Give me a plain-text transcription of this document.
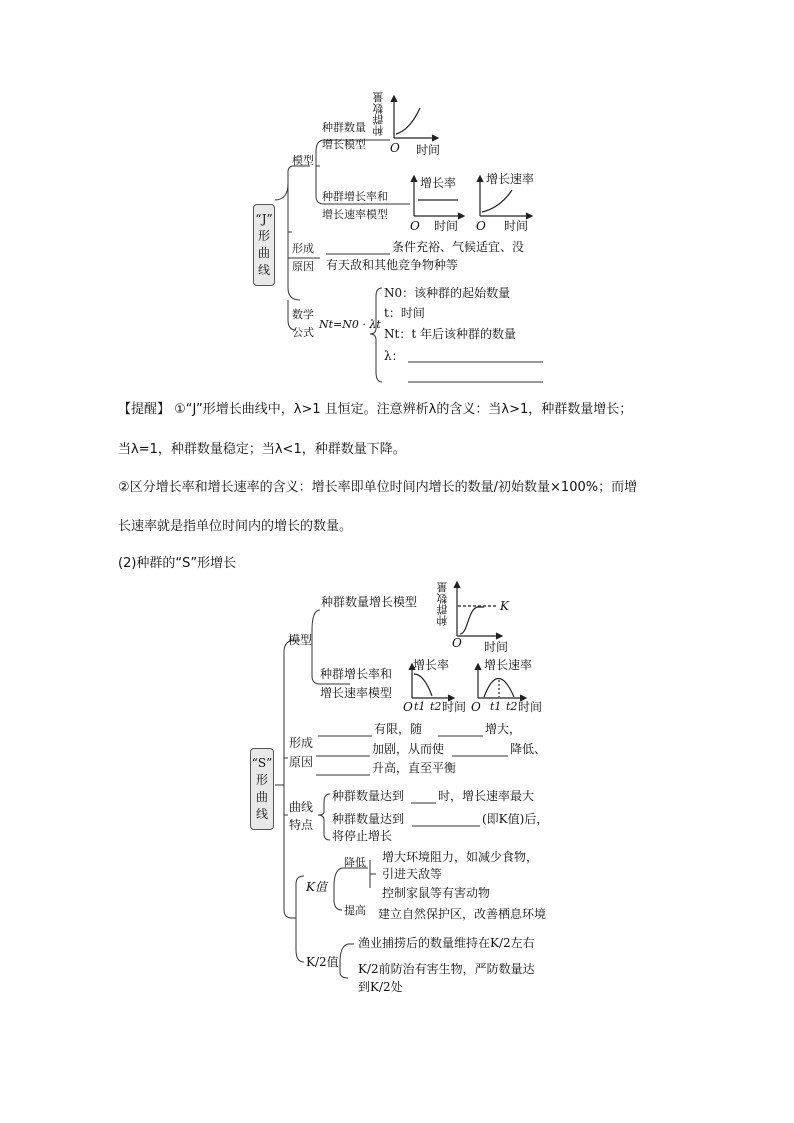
“J”
形
曲
线
模型
种群数量
增长模型
种群增长率和
增长速率模型
种群数量
O 时间
增长率
O 时间
增长速率
O 时间
形成
原因
条件充裕、气候适宜、没
有天敌和其他竞争物种等
数学
公式
Nt=N0 · λt
N0：该种群的起始数量
t：时间
Nt：t 年后该种群的数量
λ：
【提醒】 ①“J”形增长曲线中，λ>1 且恒定。注意辨析λ的含义：当λ>1，种群数量增长；
当λ=1，种群数量稳定；当λ<1，种群数量下降。
②区分增长率和增长速率的含义：增长率即单位时间内增长的数量/初始数量×100%；而增
长速率就是指单位时间内的增长的数量。
(2)种群的“S”形增长
“S”
形
曲
线
模型
种群数量增长模型
种群增长率和
增长速率模型
种群数量	K
O 时间
增长率
O t1 t2 时间
增长速率
O t1 t2 时间
形成
原因
有限，随	增大，
加剧，从而使	降低、
升高，直至平衡
曲线
特点
种群数量达到	时，增长速率最大
种群数量达到	(即K值)后，
将停止增长
K值
降低 增大环境阻力，如减少食物，
引进天敌等
控制家鼠等有害动物
提高 建立自然保护区，改善栖息环境
K/2值
渔业捕捞后的数量维持在K/2左右
K/2前防治有害生物，严防数量达
到K/2处
